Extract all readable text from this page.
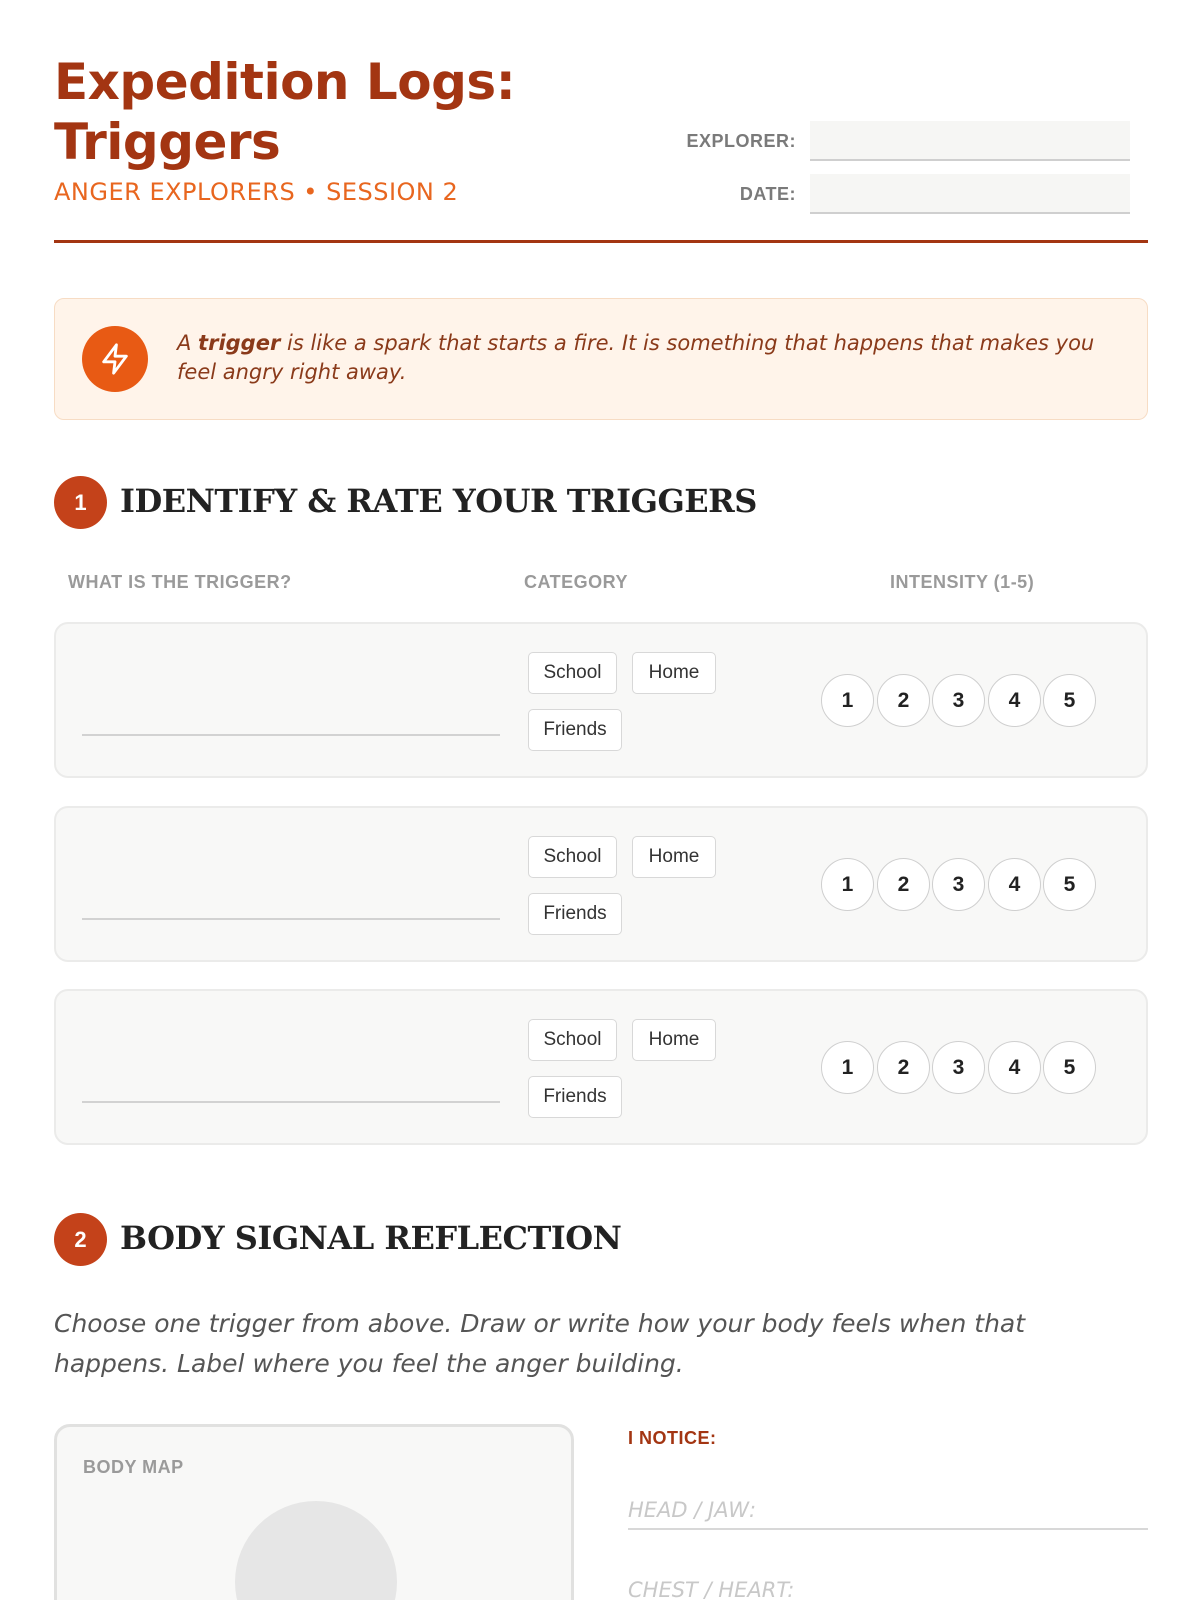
Expedition Logs: Triggers
ANGER EXPLORERS • SESSION 2
EXPLORER:
DATE:
A trigger is like a spark that starts a fire. It is something that happens that makes you feel angry right away.
1	IDENTIFY & RATE YOUR TRIGGERS
WHAT IS THE TRIGGER?	CATEGORY	INTENSITY (1-5)
School	Home
Friends
1	2	3	4	5
School	Home
Friends
1	2	3	4	5
School	Home
Friends
1	2	3	4	5
2	BODY SIGNAL REFLECTION
Choose one trigger from above. Draw or write how your body feels when that happens. Label where you feel the anger building.
BODY MAP
I NOTICE:
HEAD / JAW:
CHEST / HEART:
